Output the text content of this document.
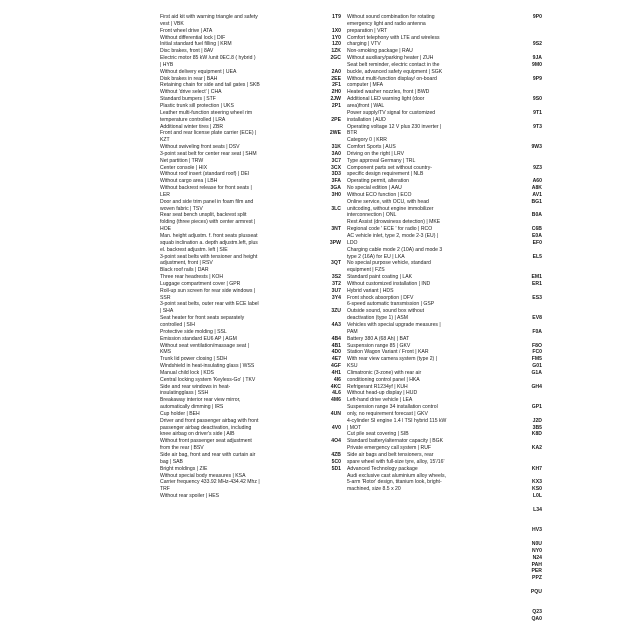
First aid kit with warning triangle and safety
vest | VBK
Front wheel drive | ATA
Without differential lock | DIF
Initial standard fuel filling | KRM
Disc brakes, front | 8AV
Electric motor 85 kW /unit 0EC.8 ( hybrid )
| HYB
Without delivery equipment | UEA
Disk brakes in rear | BAH
Retaining chain for side and tail gates | SKB
Without 'drive select' | CHA
Standard bumpers | STF
Plastic trunk sill protection | UKS
Leather multi-function steering wheel rim
temperature controlled | LRA
Additional winter tires | ZBR
Front and rear license plate carrier (ECE) |
KZT
Without swiveling front seats | DSV
3-point seat belt for center rear seat | SHM
Net partition | TRW
Center console | HIX
Without roof insert (standard roof) | DEI
Without cargo area | LBH
Without backrest release for front seats |
LER
Door and side trim panel in foam film and
woven fabric | TSV
Rear seat bench unsplit, backrest split
folding (three pieces) with center armrest |
HOE
Man. height adjustm. f. front seats plusseat
squab inclination a. depth adjustm.left, plus
el. backrest adjustm. left | SIE
3-point seat belts with tensioner and height
adjustment, front | RSV
Black roof rails | DAR
Three rear headrests | KOH
Luggage compartment cover | GPR
Roll-up sun screen for rear side windows |
SSR
3-point seat belts, outer rear with ECE label
| SHA
Seat heater for front seats separately
controlled | SIH
Protective side molding | SSL
Emission standard EU6 AP | AGM
Without seat ventilation/massage seat |
KMS
Trunk lid power closing | SDH
Windshield in heat-insulating glass | WSS
Manual child lock | KDS
Central locking system 'Keyless-Go' | TKV
Side and rear windows in heat-
insulatingglass | SSH
Breakaway interior rear view mirror,
automatically dimming | IRS
Cup holder | BEH
Driver and front passenger airbag with front
passenger airbag deactivation, including
knee airbag on driver's side | AIB
Without front passenger seat adjustment
from the rear | BSV
Side air bag, front and rear with curtain air
bag | SAB
Bright moldings | ZIE
Without special body measures | KSA
Carrier frequency 433.92 MHz-434.42 Mhz |
TRF
Without rear spoiler | HES
1T9

1X0
1Y0
1Z0
1ZK
2GC

2A0
2EE
2F1
2H0
2JW
2P1

2PE

2WE

31K
3A0
3C7
3CX
3D3
3FA
3GA
3H0

3LC

3NT

3PW

3QT

3S2
3T2
3U7
3Y4

3ZU

4A3

4B4
4B1
4D0
4E7
4GF
4H1
4I6
4KC
4L6
4M6

4UN

4V0

4O4

4ZB
5C0
5D1

Without sound combination for rotating
emergency light and radio antenna
preparation | VRT
Comfort telephony with LTE and wireless
charging | VTV
Non-smoking package | RAU
Without auxiliary/parking heater | ZUH
Seat belt reminder, electric contact in the
buckle, advanced safety equipment | SGK
Without multi-function display/ on-board
computer | MFA
Heated washer nozzles, front | BWD
Additional LED warning light (door
area)front | WAL
Power supply/TV signal for customized
installation | AUD
Operating voltage 12 V plus 230 inverter |
BTR
Category 0 | KRR
Comfort Sports | AUS
Driving on the right | LRV
Type approval Germany | TRL
Component parts set without country-
specific design requirement | NLB
Operating permit, alteration
No special edition | AAU
Without ECO function | ECO
Online service, with OCU, with head
unitcoding, without engine immobilizer
interconnection | ONL
Rest Assist (drowsiness detection) | MKE
Regional code ' ECE ' for radio | RCO
AC vehicle inlet, type 2, mode 2-3 (EU) |
LDO
Charging cable mode 2 (10A) and mode 3
type 2 (16A) for EU | LKA
No special purpose vehicle, standard
equipment | FZS
Standard paint coating | LAK
Without customized installation | IND
Hybrid variant | HDS
Front shock absorption | DFV
6-speed automatic transmission | GSP
Outside sound, sound box without
deactivation (type 1) | ASM
Vehicles with special upgrade measures |
PAM
Battery 380 A (68 Ah) | BAT
Suspension range 85 | GKV
Station Wagon Variant / Front | KAR
With rear view camera system (type 2) |
KSU
Climatronic (3-zone) with rear air
conditioning control panel | HKA
Refrigerant R1234yf | KUH
Without head-up display | HUD
Left-hand drive vehicle | LEA
Suspension range 34 installation control
only, no requirement forecast | GKV
4-cylinder SI engine 1.4 l TSI hybrid 115 kW
| MOT
Cut pile seat covering | SIB
Standard battery/alternator capacity | BGK
Private emergency call system | RUF
Side air bags and belt tensioners, rear
spare wheel with full-size tyre, alloy, 15'/16'
Advanced Technology package
Audi exclusive cast aluminium alloy wheels,
5-arm 'Rotor' design, titanium look, bright-
machined, size 8.5 x 20
9P0

9S2

9JA
9M0

9P9

9S0

9T1

9T3

9W3

9Z3

A60
A8K
AV1
BG1

B0A

C6B
E0A
EF0

EL5

EM1
ER1

ES3

EV8

F0A

F8O
FC0
FM5
G01
G1A

GH4

GP1

J2D
3B5
K8D

KA2

KH7

KX3
KS0
L0L

L34

HV3

N0U
NY0
N24
PAH
PER
PPZ

PQU

Q23
QA0
